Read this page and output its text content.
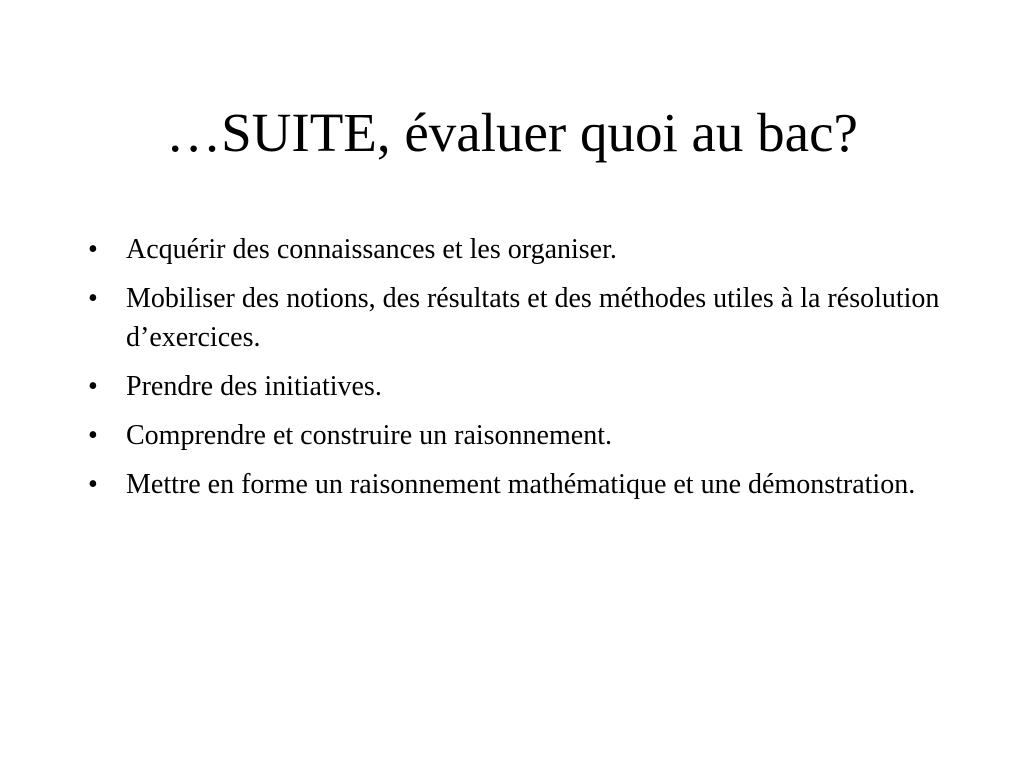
…SUITE, évaluer quoi au bac?
•	Acquérir des connaissances et les organiser.
•	Mobiliser des notions, des résultats et des méthodes utiles à la résolution d’exercices.
•	Prendre des initiatives.
•	Comprendre et construire un raisonnement.
•	Mettre en forme un raisonnement mathématique et une démonstration.
